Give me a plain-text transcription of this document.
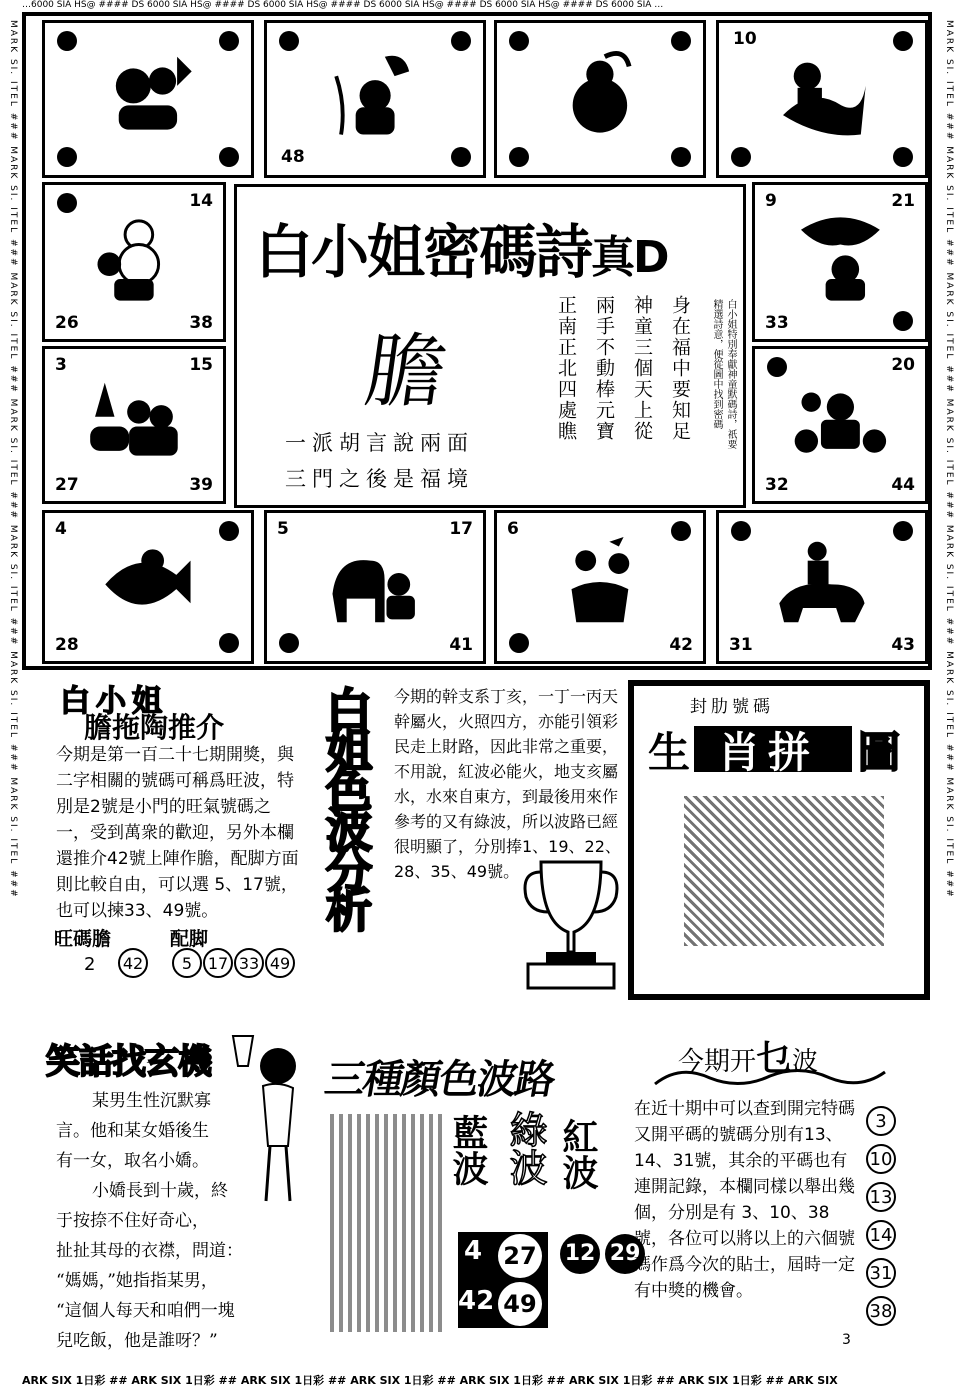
…6000 SIA HS@ #### DS 6000 SIA HS@ #### DS 6000 SIA HS@ #### DS 6000 SIA HS@ #### DS 6000 SIA HS@ #### DS 6000 SIA …
MARK SI. ITEL ### MARK SI. ITEL ### MARK SI. ITEL ### MARK SI. ITEL ### MARK SI. ITEL ### MARK SI. ITEL ### MARK SI. ITEL ###	MARK SI. ITEL ### MARK SI. ITEL ### MARK SI. ITEL ### MARK SI. ITEL ### MARK SI. ITEL ### MARK SI. ITEL ### MARK SI. ITEL ###
48
10
14
26	38
9	21
33
3	15
27	39
20
32	44
4
28
5	17
41
6
42 31	43
白小姐密碼詩真D
膽
一派胡言說兩面
三門之後是福境
白小姐特別奉獻神童默碼詩，祇要
精選詩意，便從圖中找到密碼
身在福中要知足
神童三個天上從
兩手不動棒元寶
正南正北四處瞧
白小姐
膽拖陶推介
今期是第一百二十七期開獎，與二字相關的號碼可稱爲旺波，特別是2號是小門的旺氣號碼之一，受到萬衆的歡迎，另外本欄還推介42號上陣作膽，配脚方面則比較自由，可以選 5、17號，也可以揀33、49號。
旺碼膽	配脚
2	42	5 17 33 49
白姐色波分析 今期的幹支系丁亥，一丁一丙天幹屬火，火照四方，亦能引領彩民走上財路，因此非常之重要，不用說，紅波必能火，地支亥屬水，水來自東方，到最後用來作參考的又有綠波，所以波路已經很明顯了，分別捧1、19、22、28、35、49號。
封肋號碼
生 肖拼 圖
笑話找玄機
某男生性沉默寡
言。他和某女婚後生
有一女，取名小嬌。
小嬌長到十歲，終
于按捺不住好奇心，
扯扯其母的衣襟，問道：
“媽媽，”她指指某男，
“這個人每天和咱們一塊
兒吃飯，他是誰呀？”
三種顏色波路
藍波 綠波 紅波
4
42
27
49
12 29
今期开乜波
在近十期中可以查到開完特碼又開平碼的號碼分別有13、14、31號，其余的平碼也有連開記錄，本欄同樣以舉出幾個，分別是有 3、10、38號，各位可以將以上的六個號碼作爲今次的貼士，屆時一定有中獎的機會。
3
10
13
14
31
38
3
ARK SIX 1日彩 ## ARK SIX 1日彩 ## ARK SIX 1日彩 ## ARK SIX 1日彩 ## ARK SIX 1日彩 ## ARK SIX 1日彩 ## ARK SIX 1日彩 ## ARK SIX
